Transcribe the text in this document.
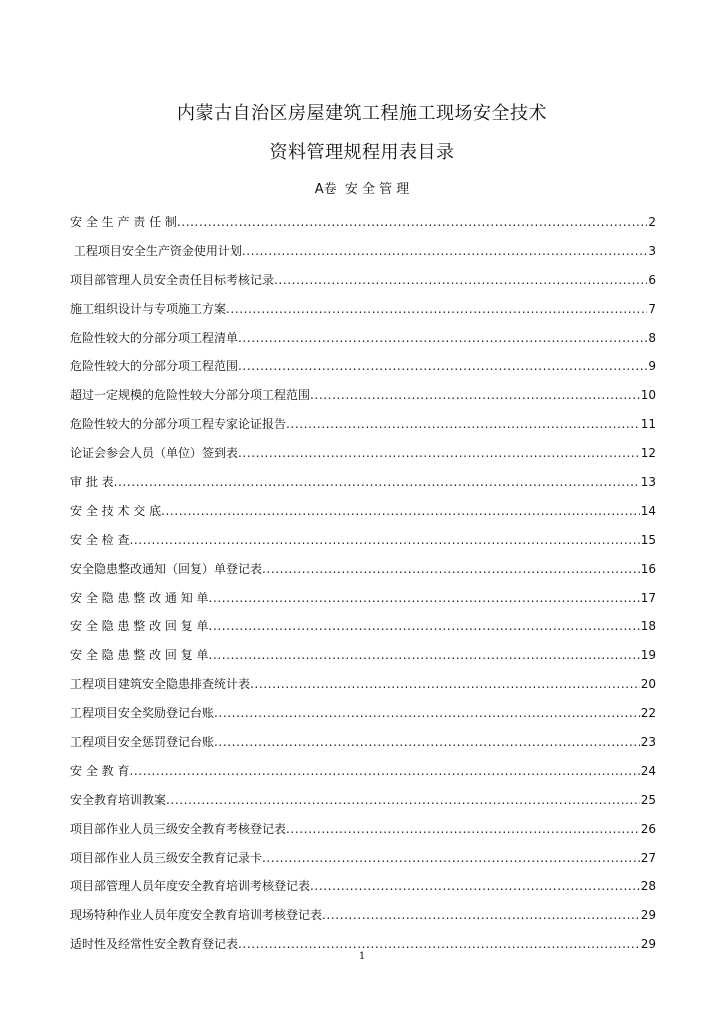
内蒙古自治区房屋建筑工程施工现场安全技术
资料管理规程用表目录
A卷  安 全 管 理
安 全 生 产 责 任 制 .....	2
工程项目安全生产资金使用计划 .....	3
项目部管理人员安全责任目标考核记录 .....	6
施工组织设计与专项施工方案 .....	7
危险性较大的分部分项工程清单 .....	8
危险性较大的分部分项工程范围 .....	9
超过一定规模的危险性较大分部分项工程范围 .....	10
危险性较大的分部分项工程专家论证报告 .....	11
论证会参会人员（单位）签到表 .....	12
审 批 表 .....	13
安 全 技 术 交 底 .....	14
安 全 检 查 .....	15
安全隐患整改通知（回复）单登记表 .....	16
安 全 隐 患 整 改 通 知 单 .....	17
安 全 隐 患 整 改 回 复 单 .....	18
安 全 隐 患 整 改 回 复 单 .....	19
工程项目建筑安全隐患排查统计表 .....	20
工程项目安全奖励登记台账 .....	22
工程项目安全惩罚登记台账 .....	23
安 全 教 育 .....	24
安全教育培训教案 .....	25
项目部作业人员三级安全教育考核登记表 .....	26
项目部作业人员三级安全教育记录卡 .....	27
项目部管理人员年度安全教育培训考核登记表 .....	28
现场特种作业人员年度安全教育培训考核登记表 .....	29
适时性及经常性安全教育登记表 .....	29
1
